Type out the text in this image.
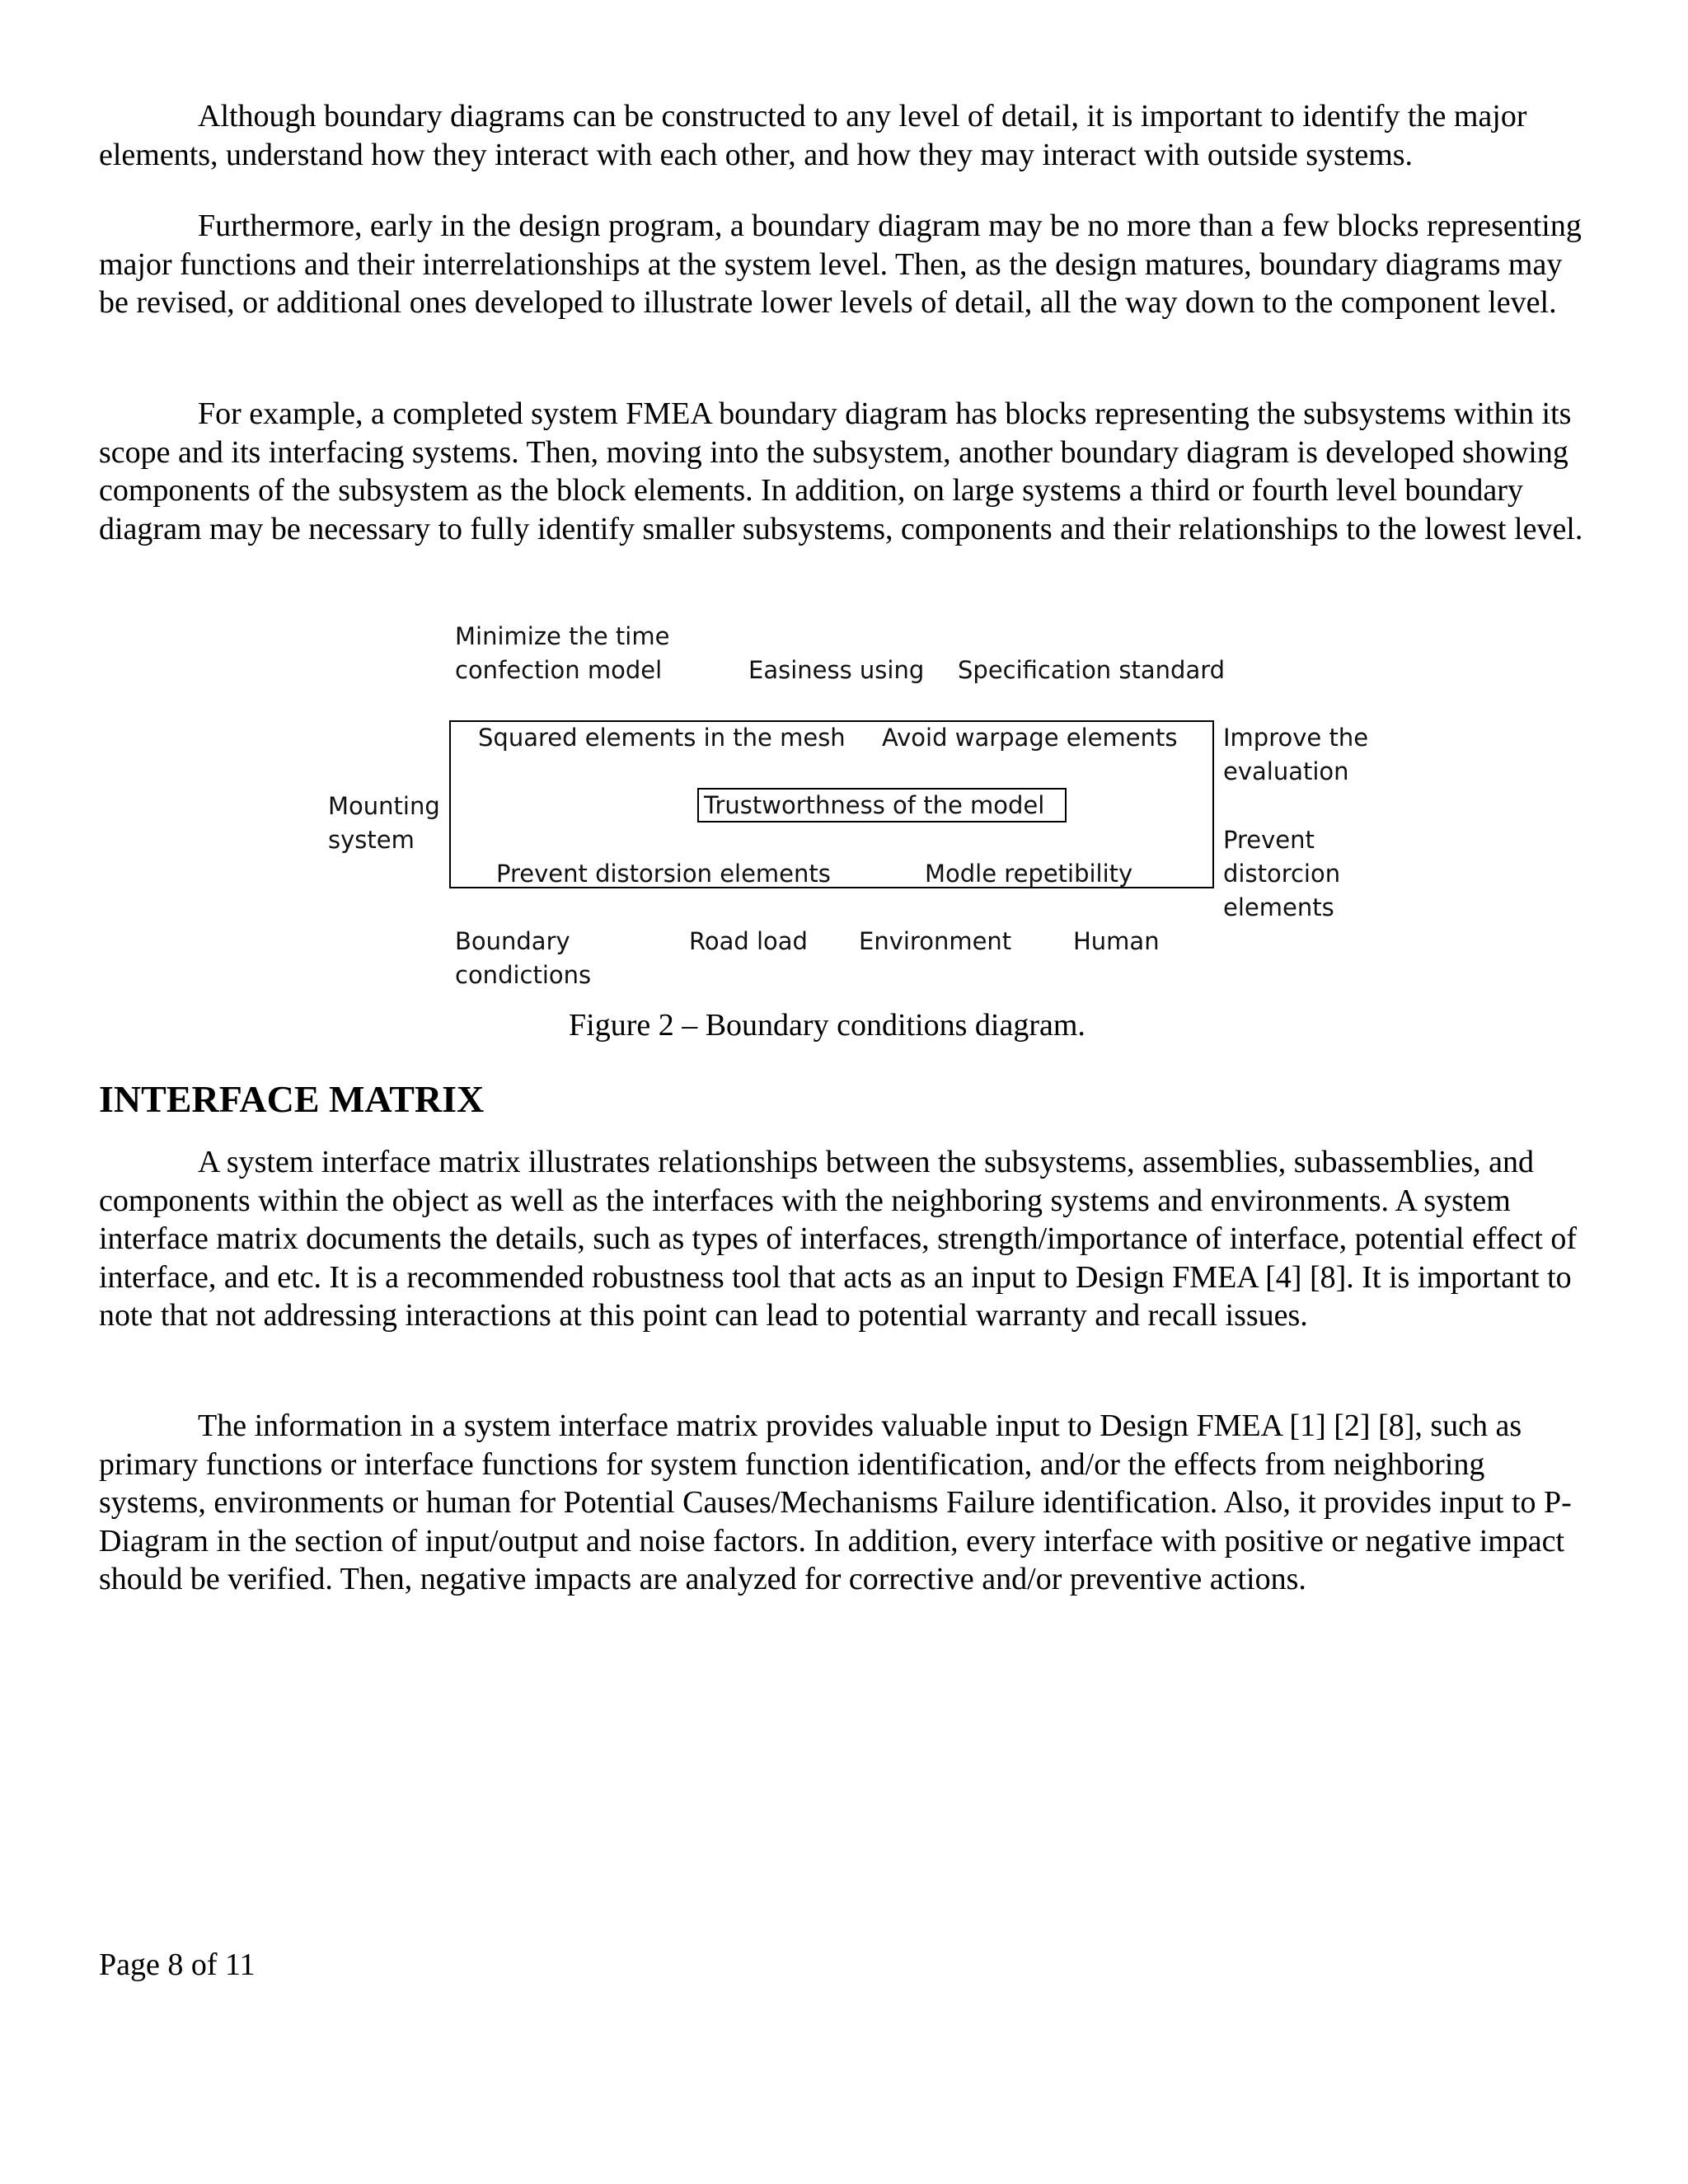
Although boundary diagrams can be constructed to any level of detail, it is important to identify the major elements, understand how they interact with each other, and how they may interact with outside systems.

Furthermore, early in the design program, a boundary diagram may be no more than a few blocks representing major functions and their interrelationships at the system level. Then, as the design matures, boundary diagrams may be revised, or additional ones developed to illustrate lower levels of detail, all the way down to the component level.

For example, a completed system FMEA boundary diagram has blocks representing the subsystems within its scope and its interfacing systems. Then, moving into the subsystem, another boundary diagram is developed showing components of the subsystem as the block elements. In addition, on large systems a third or fourth level boundary diagram may be necessary to fully identify smaller subsystems, components and their relationships to the lowest level.

Minimize the time
confection model	Easiness using Specification standard
Mounting
system
Squared elements in the mesh Avoid warpage elements
Trustworthness of the model
Prevent distorsion elements	Modle repetibility
Improve the
evaluation
Prevent
distorcion
elements
Boundary
condictions
Road load Environment	Human

Figure 2 – Boundary conditions diagram.

INTERFACE MATRIX

A system interface matrix illustrates relationships between the subsystems, assemblies, subassemblies, and components within the object as well as the interfaces with the neighboring systems and environments. A system interface matrix documents the details, such as types of interfaces, strength/importance of interface, potential effect of interface, and etc. It is a recommended robustness tool that acts as an input to Design FMEA [4] [8]. It is important to note that not addressing interactions at this point can lead to potential warranty and recall issues.

The information in a system interface matrix provides valuable input to Design FMEA [1] [2] [8], such as primary functions or interface functions for system function identification, and/or the effects from neighboring systems, environments or human for Potential Causes/Mechanisms Failure identification. Also, it provides input to P-Diagram in the section of input/output and noise factors. In addition, every interface with positive or negative impact should be verified. Then, negative impacts are analyzed for corrective and/or preventive actions.

Page 8 of 11
